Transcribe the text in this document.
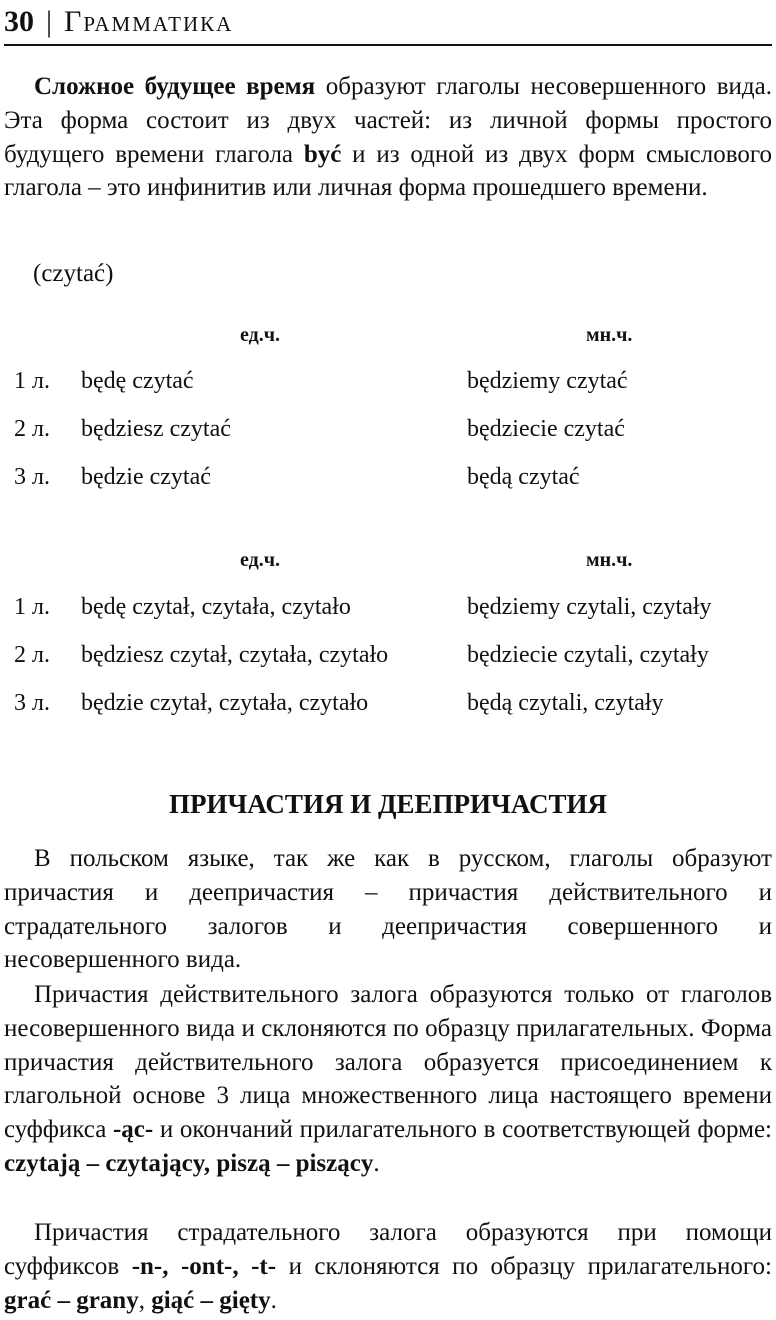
30 | Грамматика

Сложное будущее время образуют глаголы несовершенного вида. Эта форма состоит из двух частей: из личной формы простого будущего времени глагола być и из одной из двух форм смыслового глагола – это инфинитив или личная форма прошедшего времени.

(czytać)
ед.ч.	мн.ч.
1 л. będę czytać	będziemy czytać
2 л. będziesz czytać	będziecie czytać
3 л. będzie czytać	będą czytać
ед.ч.	мн.ч.
1 л. będę czytał, czytała, czytało	będziemy czytali, czytały
2 л. będziesz czytał, czytała, czytało	będziecie czytali, czytały
3 л. będzie czytał, czytała, czytało	będą czytali, czytały
ПРИЧАСТИЯ И ДЕЕПРИЧАСТИЯ

В польском языке, так же как в русском, глаголы образуют причастия и деепричастия – причастия действительного и страдательного залогов и деепричастия совершенного и несовершенного вида.

Причастия действительного залога образуются только от глаголов несовершенного вида и склоняются по образцу прилагательных. Форма причастия действительного залога образуется присоединением к глагольной основе 3 лица множественного лица настоящего времени суффикса -ąc- и окончаний прилагательного в соответствующей форме: czytają – czytający, piszą – piszący.

Причастия страдательного залога образуются при помощи суффиксов -n-, -ont-, -t- и склоняются по образцу прилагательного: grać – grany, giąć – gięty.
